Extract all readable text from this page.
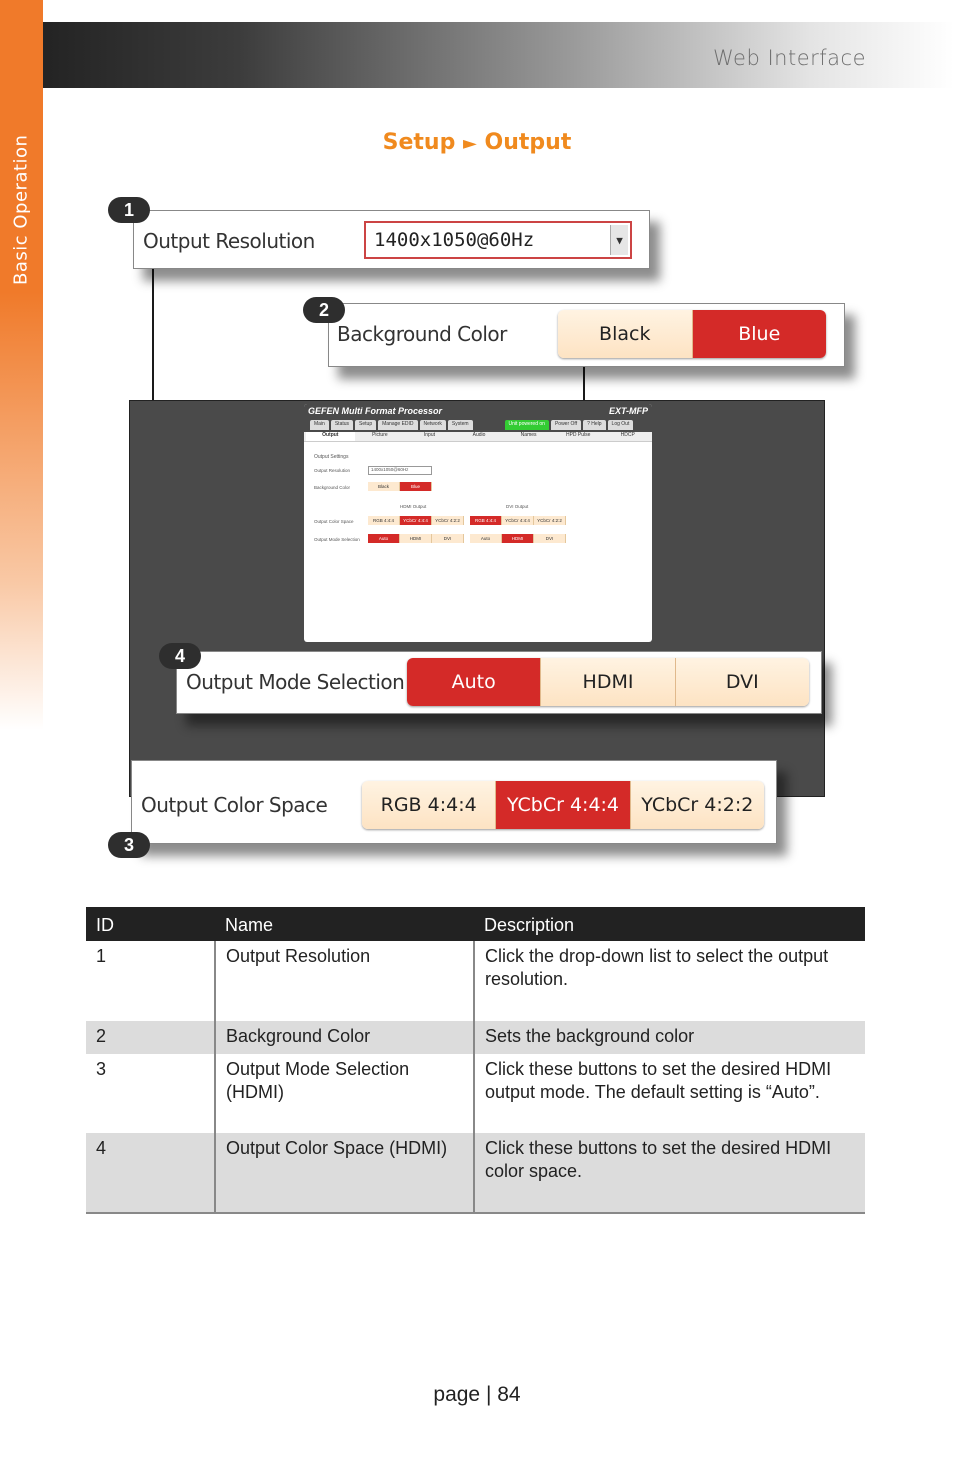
Web Interface
Basic Operation	Setup ► Output
GEFEN Multi Format Processor	EXT-MFP
Main	Status	Setup	Manage EDID	Network	System	Unit powered on	Power Off	? Help	Log Out
Output	Picture	Input	Audio	Names	HPD Pulse	HDCP
Output Settings
Output Resolution	1400x1050@60Hz
Background Color	Black	Blue
HDMI Output	DVI Output
Output Color Space	RGB 4:4:4	YCbCr 4:4:4	YCbCr 4:2:2	RGB 4:4:4	YCbCr 4:4:4	YCbCr 4:2:2
Output Mode Selection	Auto	HDMI	DVI	Auto	HDMI	DVI
Output Resolution	1400x1050@60Hz	▼
1
Background Color	Black	Blue
2
Output Mode Selection	Auto	HDMI	DVI
4
Output Color Space	RGB 4:4:4	YCbCr 4:4:4	YCbCr 4:2:2
3
ID	Name	Description
1	Output Resolution	Click the drop-down list to select the output resolution.
2	Background Color	Sets the background color
3	Output Mode Selection (HDMI)	Click these buttons to set the desired HDMI output mode. The default setting is “Auto”.
4	Output Color Space (HDMI)	Click these buttons to set the desired HDMI color space.
page | 84
